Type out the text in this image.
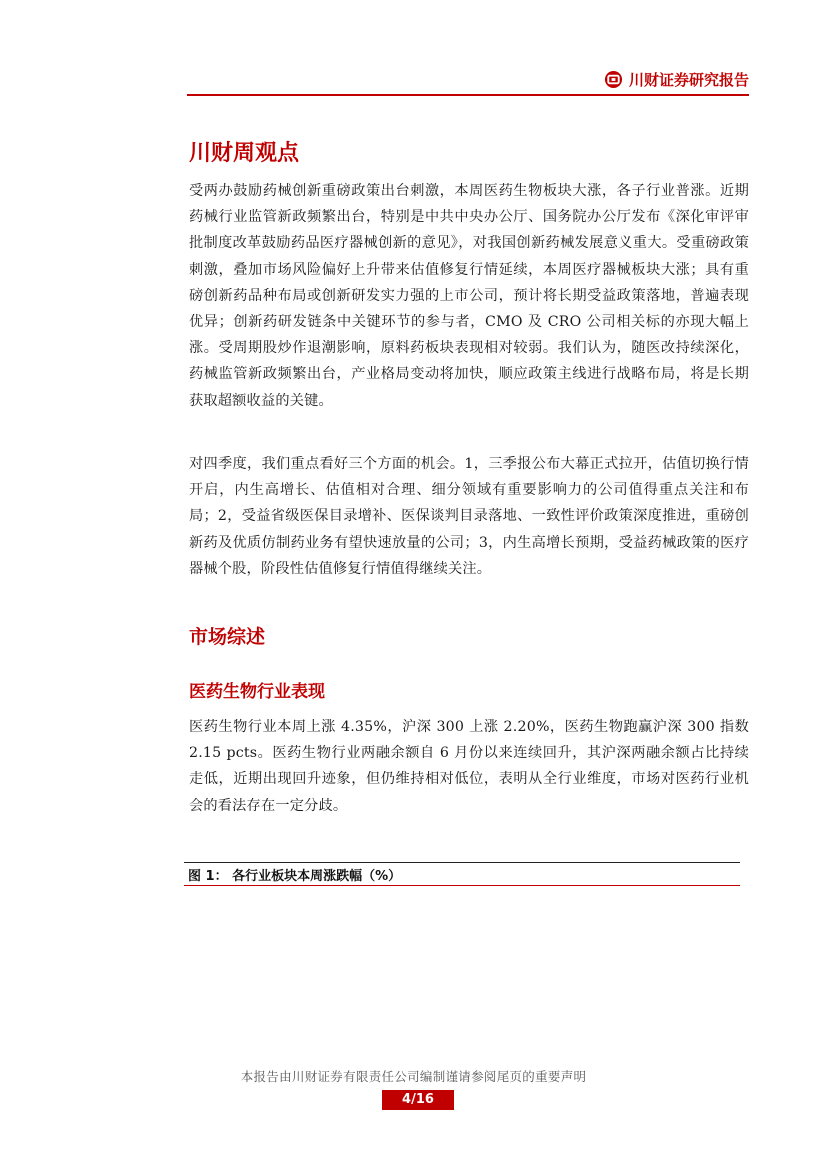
川财证券研究报告
川财周观点

受两办鼓励药械创新重磅政策出台刺激，本周医药生物板块大涨，各子行业普涨。近期药械行业监管新政频繁出台，特别是中共中央办公厅、国务院办公厅发布《深化审评审批制度改革鼓励药品医疗器械创新的意见》，对我国创新药械发展意义重大。受重磅政策刺激，叠加市场风险偏好上升带来估值修复行情延续，本周医疗器械板块大涨；具有重磅创新药品种布局或创新研发实力强的上市公司，预计将长期受益政策落地，普遍表现优异；创新药研发链条中关键环节的参与者，CMO 及 CRO 公司相关标的亦现大幅上涨。受周期股炒作退潮影响，原料药板块表现相对较弱。我们认为，随医改持续深化，药械监管新政频繁出台，产业格局变动将加快，顺应政策主线进行战略布局，将是长期获取超额收益的关键。

对四季度，我们重点看好三个方面的机会。1，三季报公布大幕正式拉开，估值切换行情开启，内生高增长、估值相对合理、细分领域有重要影响力的公司值得重点关注和布局；2，受益省级医保目录增补、医保谈判目录落地、一致性评价政策深度推进，重磅创新药及优质仿制药业务有望快速放量的公司；3，内生高增长预期，受益药械政策的医疗器械个股，阶段性估值修复行情值得继续关注。

市场综述
医药生物行业表现

医药生物行业本周上涨 4.35%，沪深 300 上涨 2.20%，医药生物跑赢沪深 300 指数 2.15 pcts。医药生物行业两融余额自 6 月份以来连续回升，其沪深两融余额占比持续走低，近期出现回升迹象，但仍维持相对低位，表明从全行业维度，市场对医药行业机会的看法存在一定分歧。

图 1： 各行业板块本周涨跌幅（%）
本报告由川财证券有限责任公司编制谨请参阅尾页的重要声明
4/16
